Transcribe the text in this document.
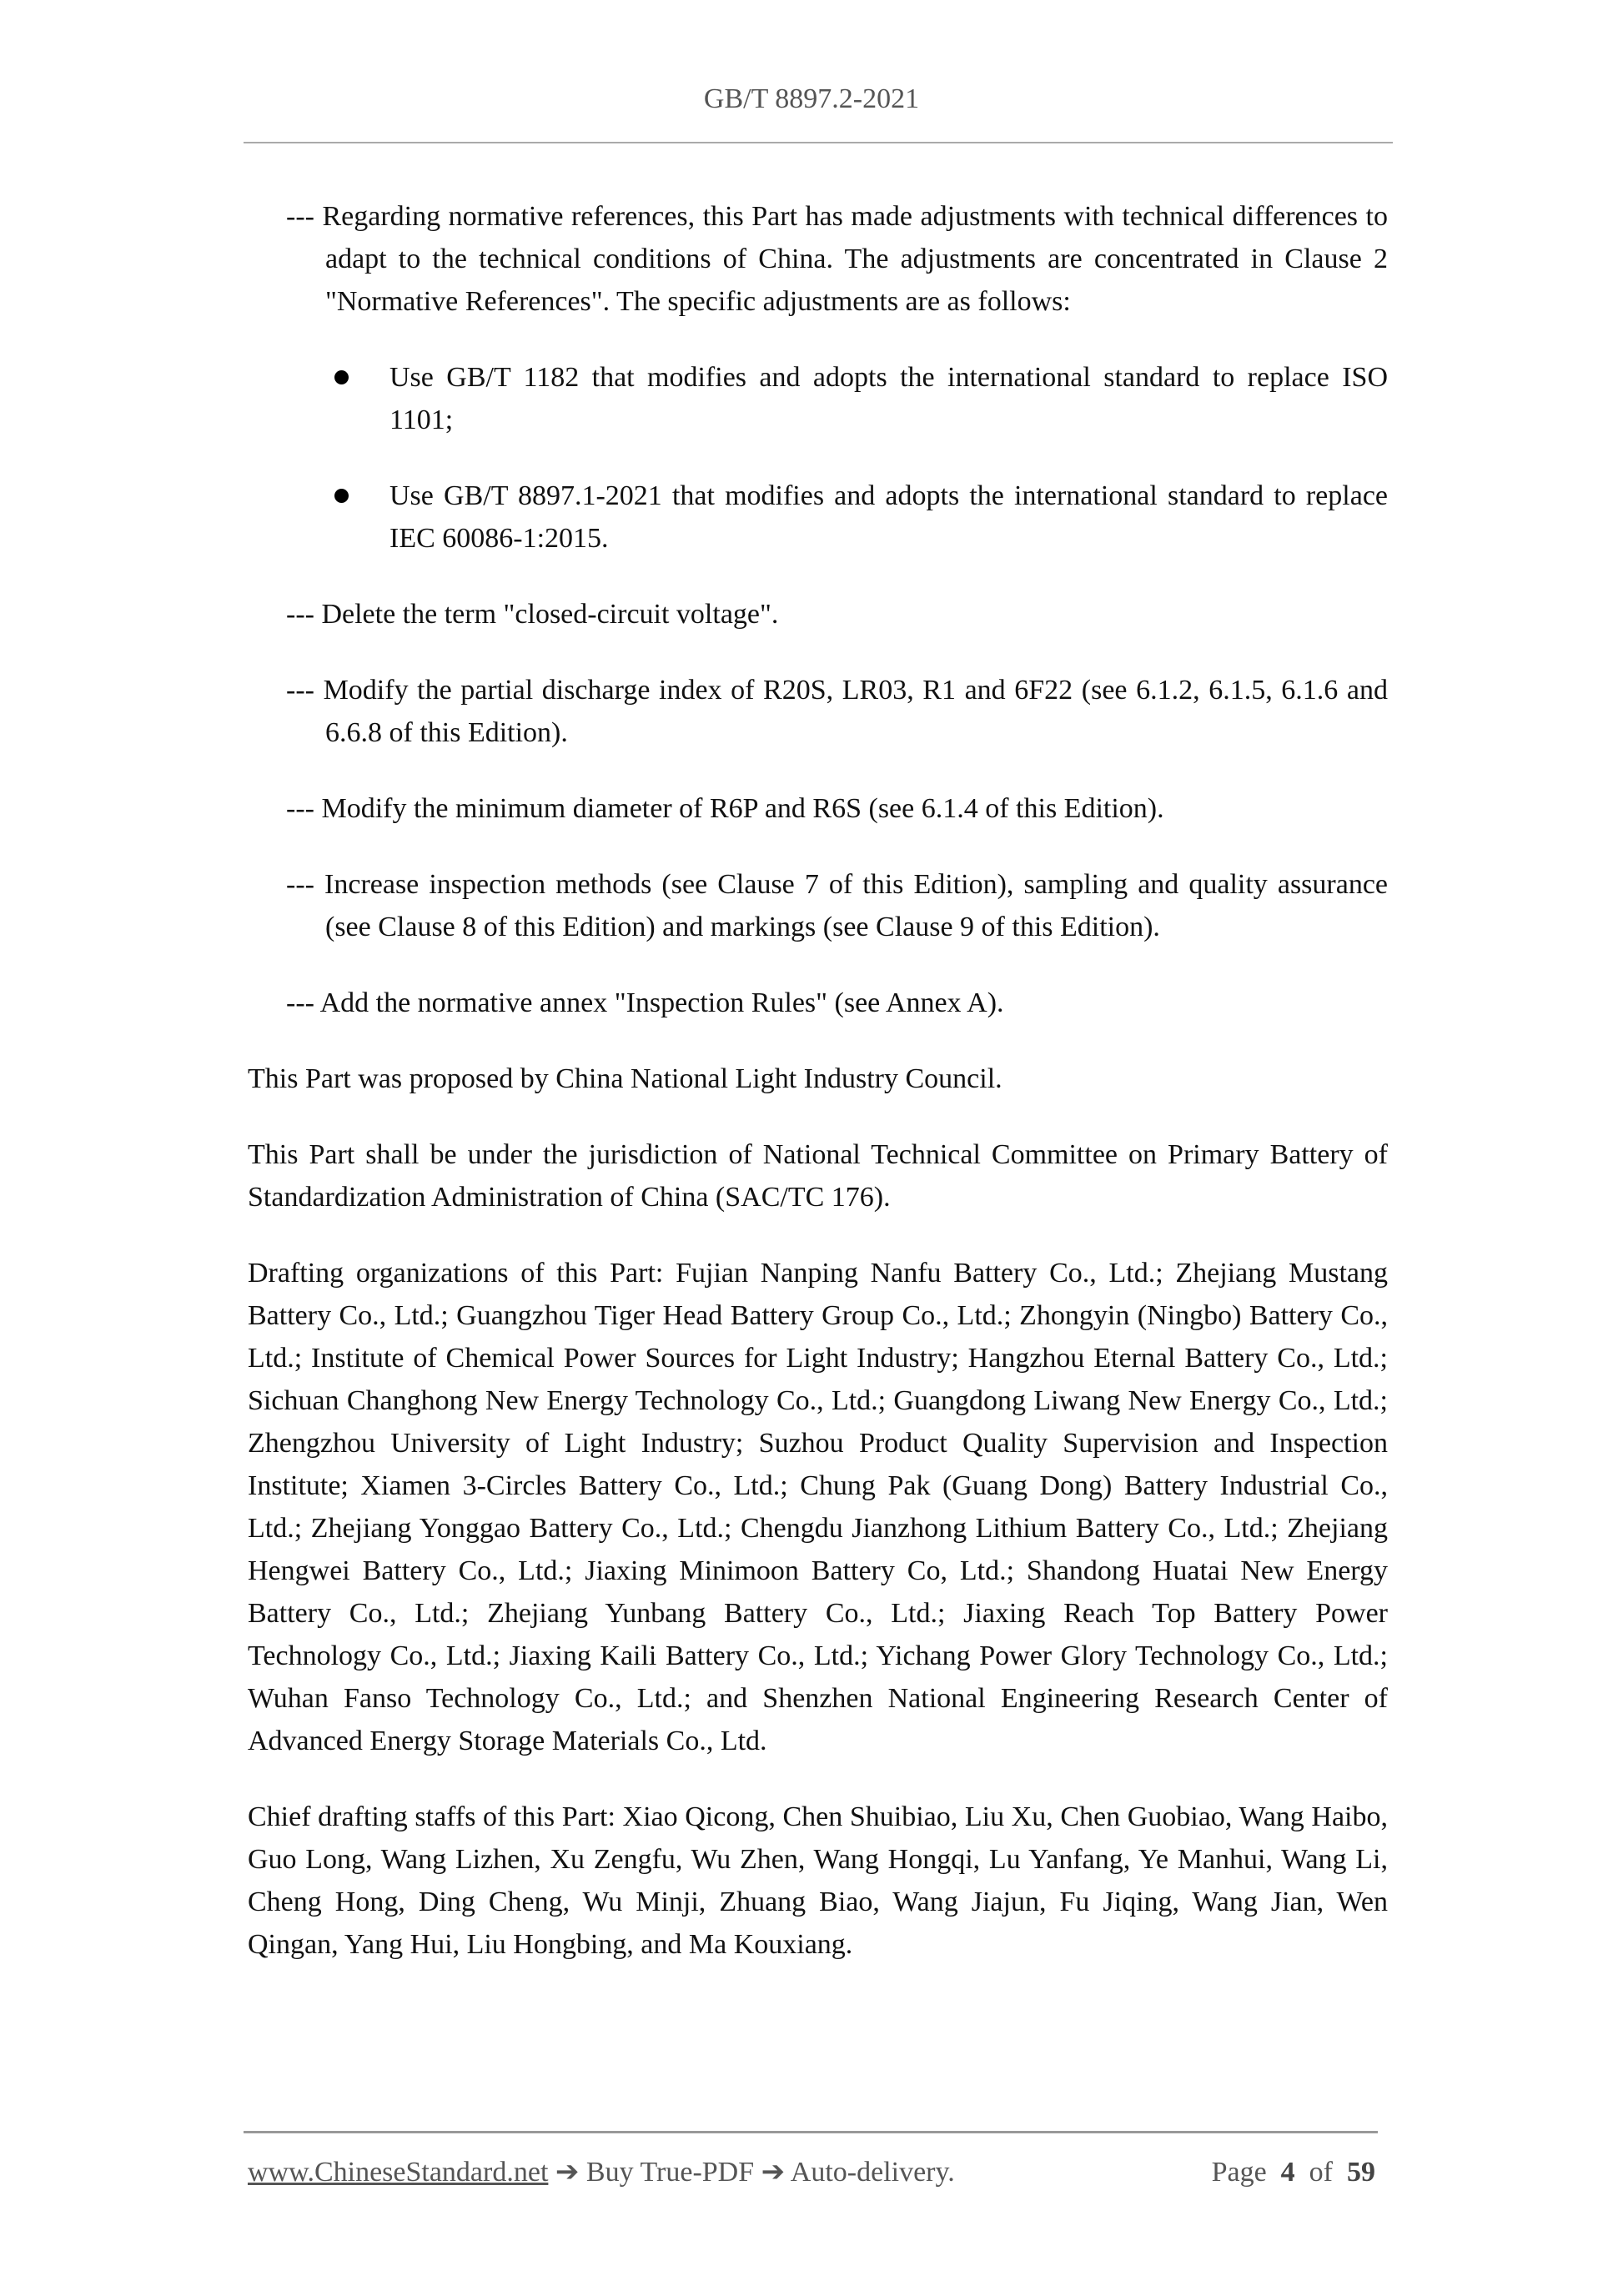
GB/T 8897.2-2021
--- Regarding normative references, this Part has made adjustments with technical differences to adapt to the technical conditions of China. The adjustments are concentrated in Clause 2 "Normative References". The specific adjustments are as follows:
Use GB/T 1182 that modifies and adopts the international standard to replace ISO 1101;
Use GB/T 8897.1-2021 that modifies and adopts the international standard to replace IEC 60086-1:2015.
--- Delete the term "closed-circuit voltage".
--- Modify the partial discharge index of R20S, LR03, R1 and 6F22 (see 6.1.2, 6.1.5, 6.1.6 and 6.6.8 of this Edition).
--- Modify the minimum diameter of R6P and R6S (see 6.1.4 of this Edition).
--- Increase inspection methods (see Clause 7 of this Edition), sampling and quality assurance (see Clause 8 of this Edition) and markings (see Clause 9 of this Edition).
--- Add the normative annex "Inspection Rules" (see Annex A).

This Part was proposed by China National Light Industry Council.

This Part shall be under the jurisdiction of National Technical Committee on Primary Battery of Standardization Administration of China (SAC/TC 176).

Drafting organizations of this Part: Fujian Nanping Nanfu Battery Co., Ltd.; Zhejiang Mustang Battery Co., Ltd.; Guangzhou Tiger Head Battery Group Co., Ltd.; Zhongyin (Ningbo) Battery Co., Ltd.; Institute of Chemical Power Sources for Light Industry; Hangzhou Eternal Battery Co., Ltd.; Sichuan Changhong New Energy Technology Co., Ltd.; Guangdong Liwang New Energy Co., Ltd.; Zhengzhou University of Light Industry; Suzhou Product Quality Supervision and Inspection Institute; Xiamen 3-Circles Battery Co., Ltd.; Chung Pak (Guang Dong) Battery Industrial Co., Ltd.; Zhejiang Yonggao Battery Co., Ltd.; Chengdu Jianzhong Lithium Battery Co., Ltd.; Zhejiang Hengwei Battery Co., Ltd.; Jiaxing Minimoon Battery Co, Ltd.; Shandong Huatai New Energy Battery Co., Ltd.; Zhejiang Yunbang Battery Co., Ltd.; Jiaxing Reach Top Battery Power Technology Co., Ltd.; Jiaxing Kaili Battery Co., Ltd.; Yichang Power Glory Technology Co., Ltd.; Wuhan Fanso Technology Co., Ltd.; and Shenzhen National Engineering Research Center of Advanced Energy Storage Materials Co., Ltd.

Chief drafting staffs of this Part: Xiao Qicong, Chen Shuibiao, Liu Xu, Chen Guobiao, Wang Haibo, Guo Long, Wang Lizhen, Xu Zengfu, Wu Zhen, Wang Hongqi, Lu Yanfang, Ye Manhui, Wang Li, Cheng Hong, Ding Cheng, Wu Minji, Zhuang Biao, Wang Jiajun, Fu Jiqing, Wang Jian, Wen Qingan, Yang Hui, Liu Hongbing, and Ma Kouxiang.

www.ChineseStandard.net ➔ Buy True-PDF ➔ Auto-delivery.	Page 4 of 59
